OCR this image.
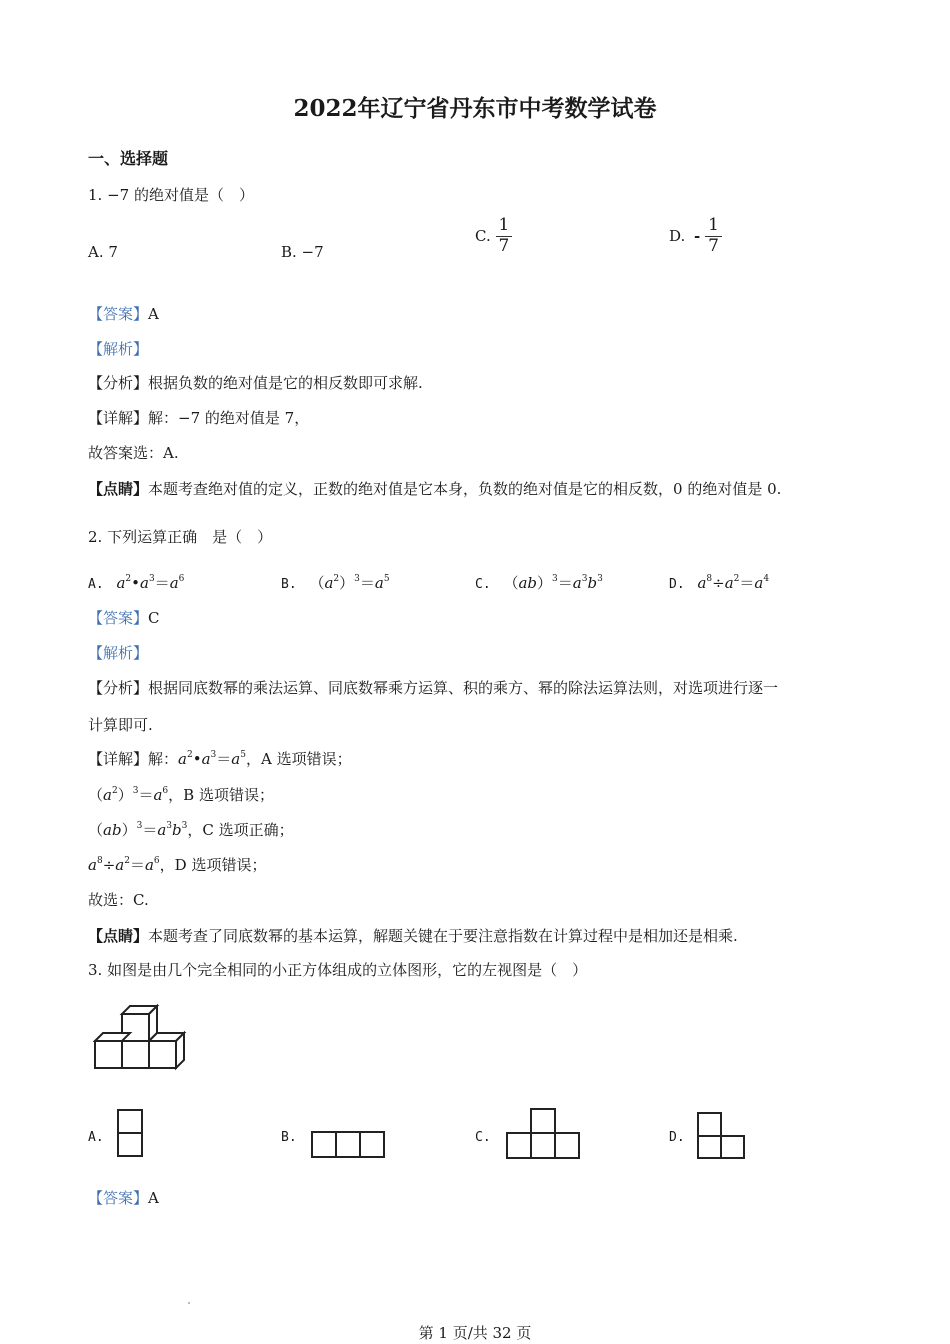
2022年辽宁省丹东市中考数学试卷
一、选择题
1. −7 的绝对值是（　）
A. 7	B. −7
C. $\frac{1}{7}$	D. - $\frac{1}{7}$
【答案】A
【解析】
【分析】根据负数的绝对值是它的相反数即可求解.
【详解】解：−7 的绝对值是 7，
故答案选：A.
【点睛】本题考查绝对值的定义，正数的绝对值是它本身，负数的绝对值是它的相反数，0 的绝对值是 0.
2. 下列运算正确　是（　）
A. $a^2•a^3=a^6$	B. $(a^2)^3=a^5$	C. $(ab)^3=a^3b^3$	D. $a^8\div a^2=a^4$
【答案】C
【解析】
【分析】根据同底数幂的乘法运算、同底数幂乘方运算、积的乘方、幂的除法运算法则，对选项进行逐一
计算即可.
【详解】解：$a^2•a^3=a^5$，A 选项错误；
$(a^2)^3=a^6$，B 选项错误；
$(ab)^3=a^3b^3$，C 选项正确；
$a^8\div a^2=a^6$，D 选项错误；
故选：C.
【点睛】本题考查了同底数幂的基本运算，解题关键在于要注意指数在计算过程中是相加还是相乘.
3. 如图是由几个完全相同的小正方体组成的立体图形，它的左视图是（　）
A.	B.	C.	D.
【答案】A
第 1 页/共 32 页
